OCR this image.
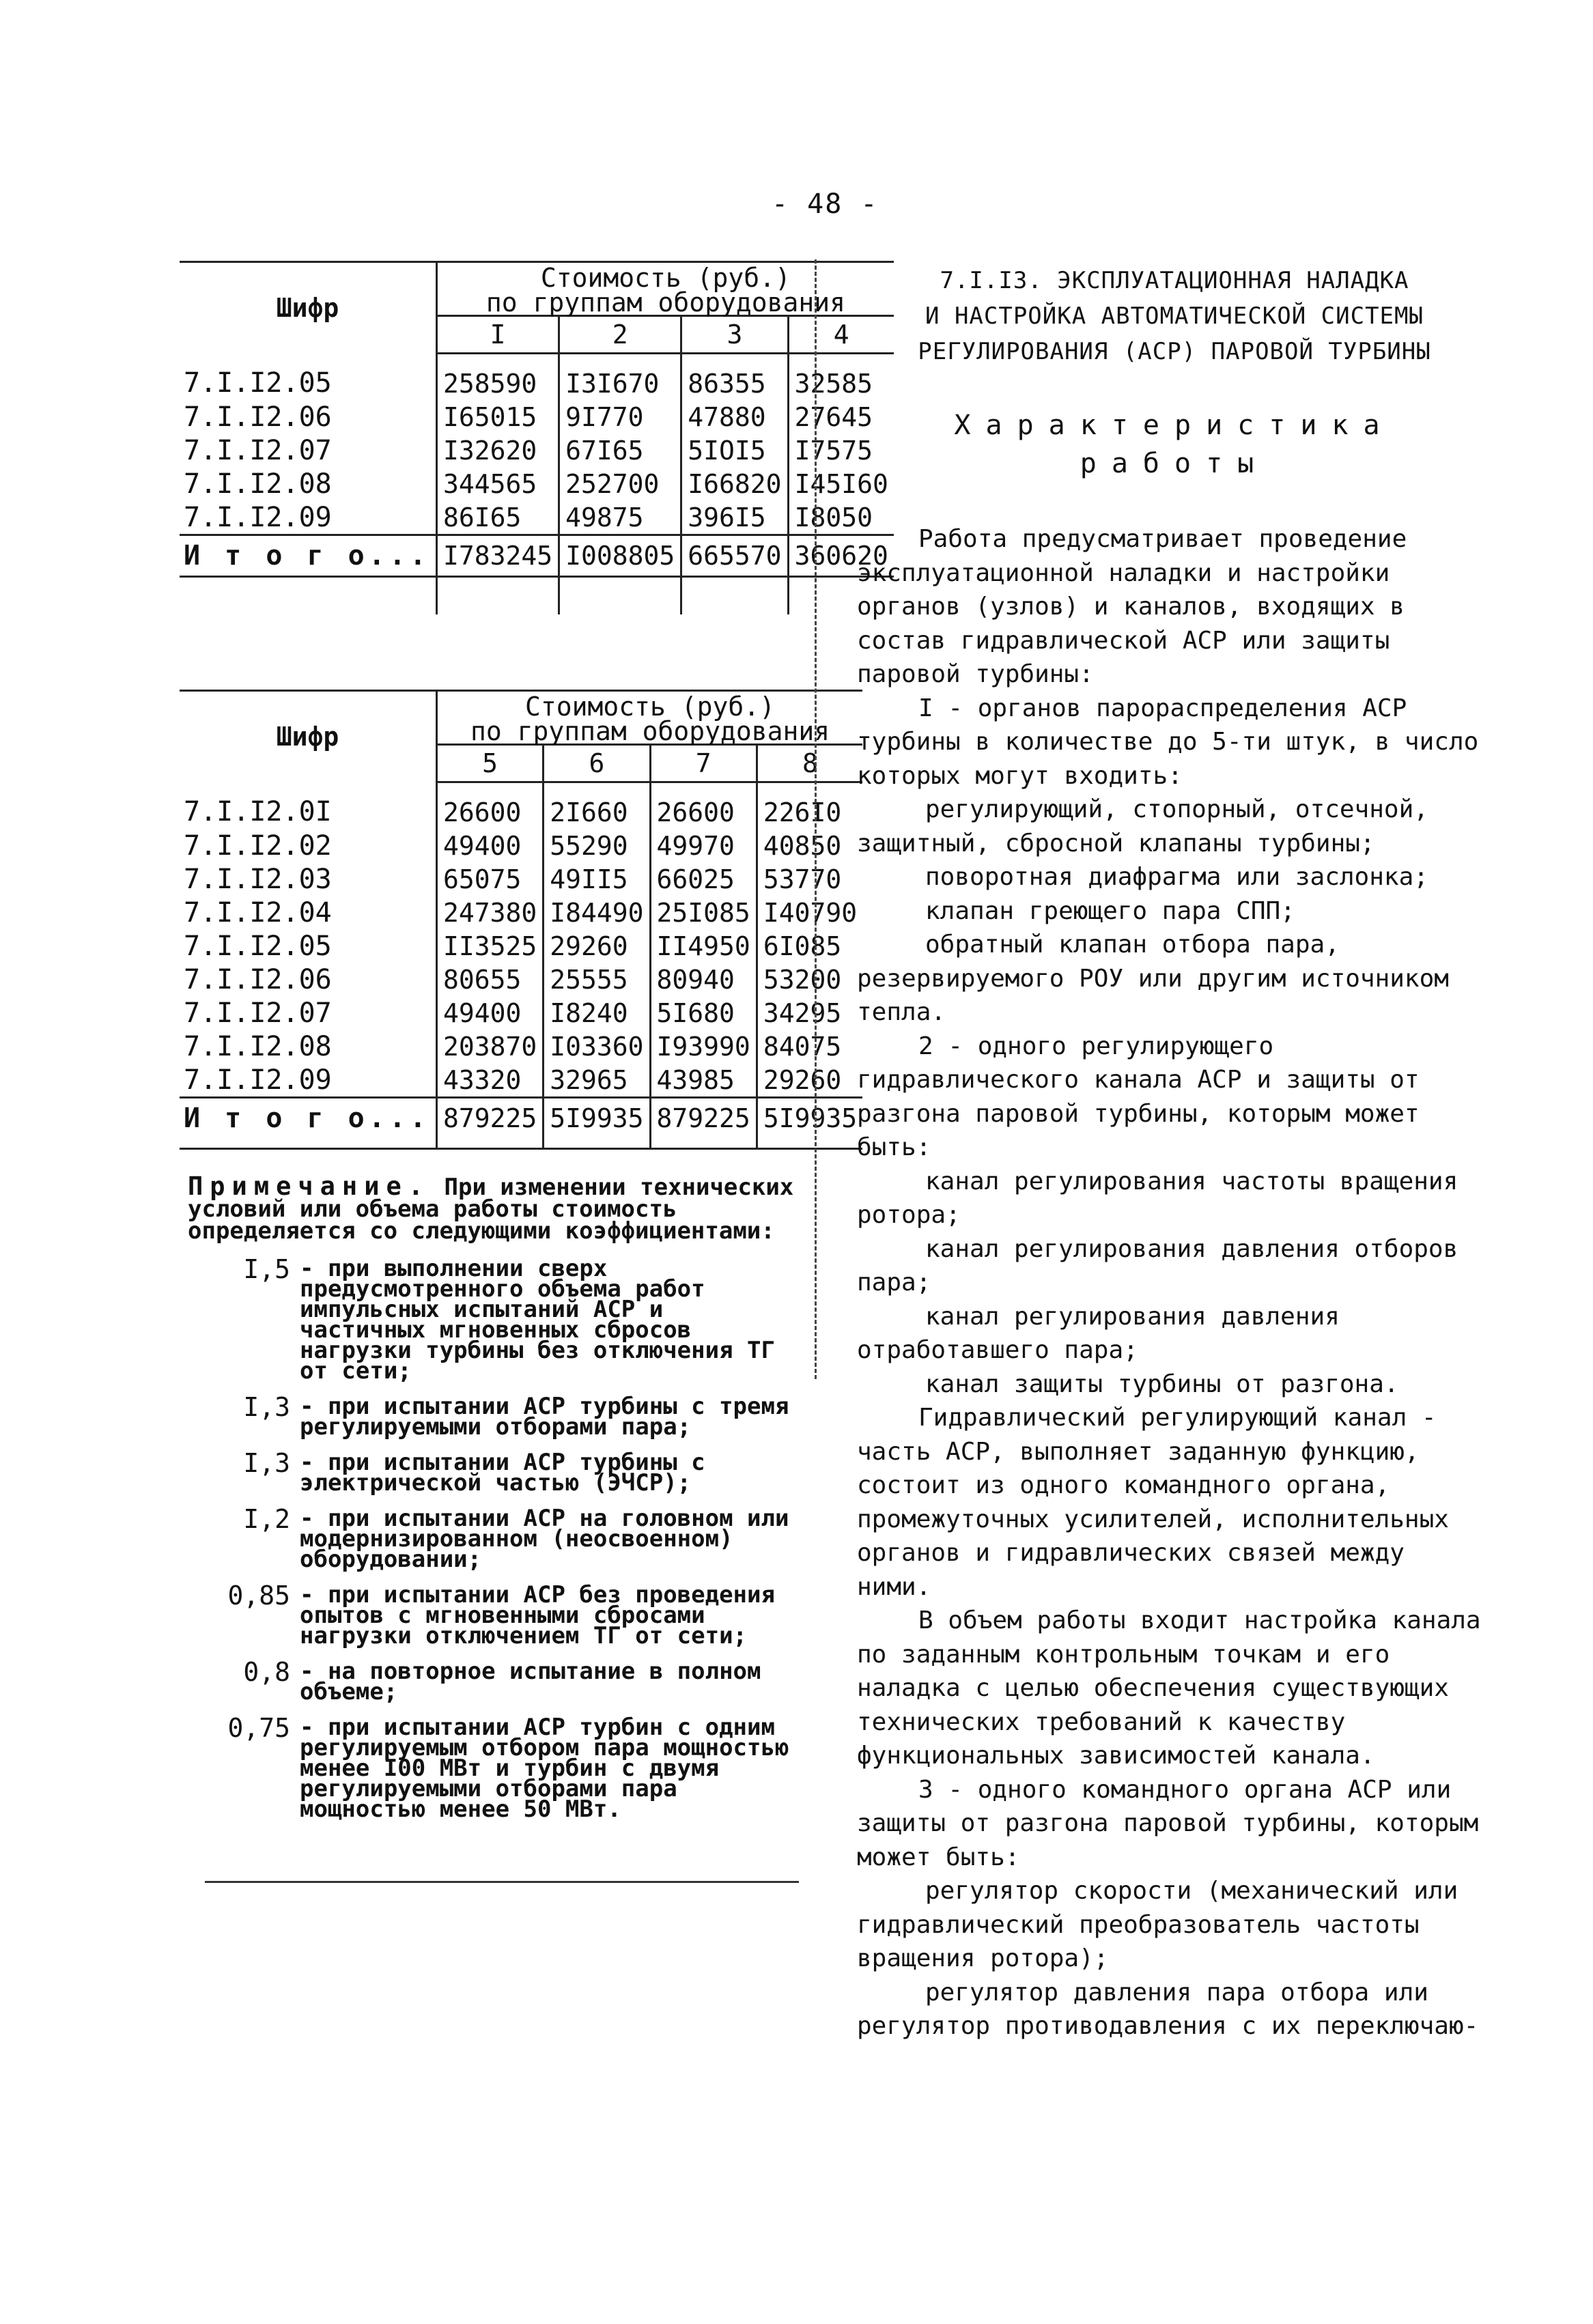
- 48 -
Шифр	Стоимость (руб.)
по группам оборудования			

	I	2	3	4
7.I.I2.05	258590	I3I670	86355	32585
7.I.I2.06	I65015	9I770	47880	27645
7.I.I2.07	I32620	67I65	5IOI5	I7575
7.I.I2.08	344565	252700	I66820	I45I60
7.I.I2.09	86I65	49875	396I5	I8050
И т о г о...	I783245	I008805	665570	360620

Шифр	Стоимость (руб.)
по группам оборудования			

	5	6	7	8
7.I.I2.0I	26600	2I660	26600	226I0
7.I.I2.02	49400	55290	49970	40850
7.I.I2.03	65075	49II5	66025	53770
7.I.I2.04	247380	I84490	25I085	I40790
7.I.I2.05	II3525	29260	II4950	6I085
7.I.I2.06	80655	25555	80940	53200
7.I.I2.07	49400	I8240	5I680	34295
7.I.I2.08	203870	I03360	I93990	84075
7.I.I2.09	43320	32965	43985	29260
И т о г о...	879225	5I9935	879225	5I9935
Примечание. При изменении технических условий или объема работы стоимость определяется со следующими коэффициентами:
I,5 - при выполнении сверх предусмотренного объема работ импульсных испытаний АСР и частичных мгновенных сбросов нагрузки турбины без отключения ТГ от сети;
I,3 - при испытании АСР турбины с тремя регулируемыми отборами пара;
I,3 - при испытании АСР турбины с электрической частью (ЭЧСР);
I,2 - при испытании АСР на головном или модернизированном (неосвоенном) оборудовании;
0,85 - при испытании АСР без проведения опытов с мгновенными сбросами нагрузки отключением ТГ от сети;
0,8 - на повторное испытание в полном объеме;
0,75 - при испытании АСР турбин с одним регулируемым отбором пара мощностью менее I00 МВт и турбин с двумя регулируемыми отборами пара мощностью менее 50 МВт.
7.I.I3. ЭКСПЛУАТАЦИОННАЯ НАЛАДКА
И НАСТРОЙКА АВТОМАТИЧЕСКОЙ СИСТЕМЫ
РЕГУЛИРОВАНИЯ (АСР) ПАРОВОЙ ТУРБИНЫ
Характеристика
работы

Работа предусматривает проведение эксплуатационной наладки и настройки органов (узлов) и каналов, входящих в состав гидравлической АСР или защиты паровой турбины:

I - органов парораспределения АСР турбины в количестве до 5-ти штук, в число которых могут входить:

регулирующий, стопорный, отсечной, защитный, сбросной клапаны турбины;

поворотная диафрагма или заслонка;

клапан греющего пара СПП;

обратный клапан отбора пара, резервируемого РОУ или другим источником тепла.

2 - одного регулирующего гидравлического канала АСР и защиты от разгона паровой турбины, которым может быть:

канал регулирования частоты вращения ротора;

канал регулирования давления отборов пара;

канал регулирования давления отработавшего пара;

канал защиты турбины от разгона.

Гидравлический регулирующий канал - часть АСР, выполняет заданную функцию, состоит из одного командного органа, промежуточных усилителей, исполнительных органов и гидравлических связей между ними.

В объем работы входит настройка канала по заданным контрольным точкам и его наладка с целью обеспечения существующих технических требований к качеству функциональных зависимостей канала.

3 - одного командного органа АСР или защиты от разгона паровой турбины, которым может быть:

регулятор скорости (механический или гидравлический преобразователь частоты вращения ротора);

регулятор давления пара отбора или регулятор противодавления с их переключаю-
